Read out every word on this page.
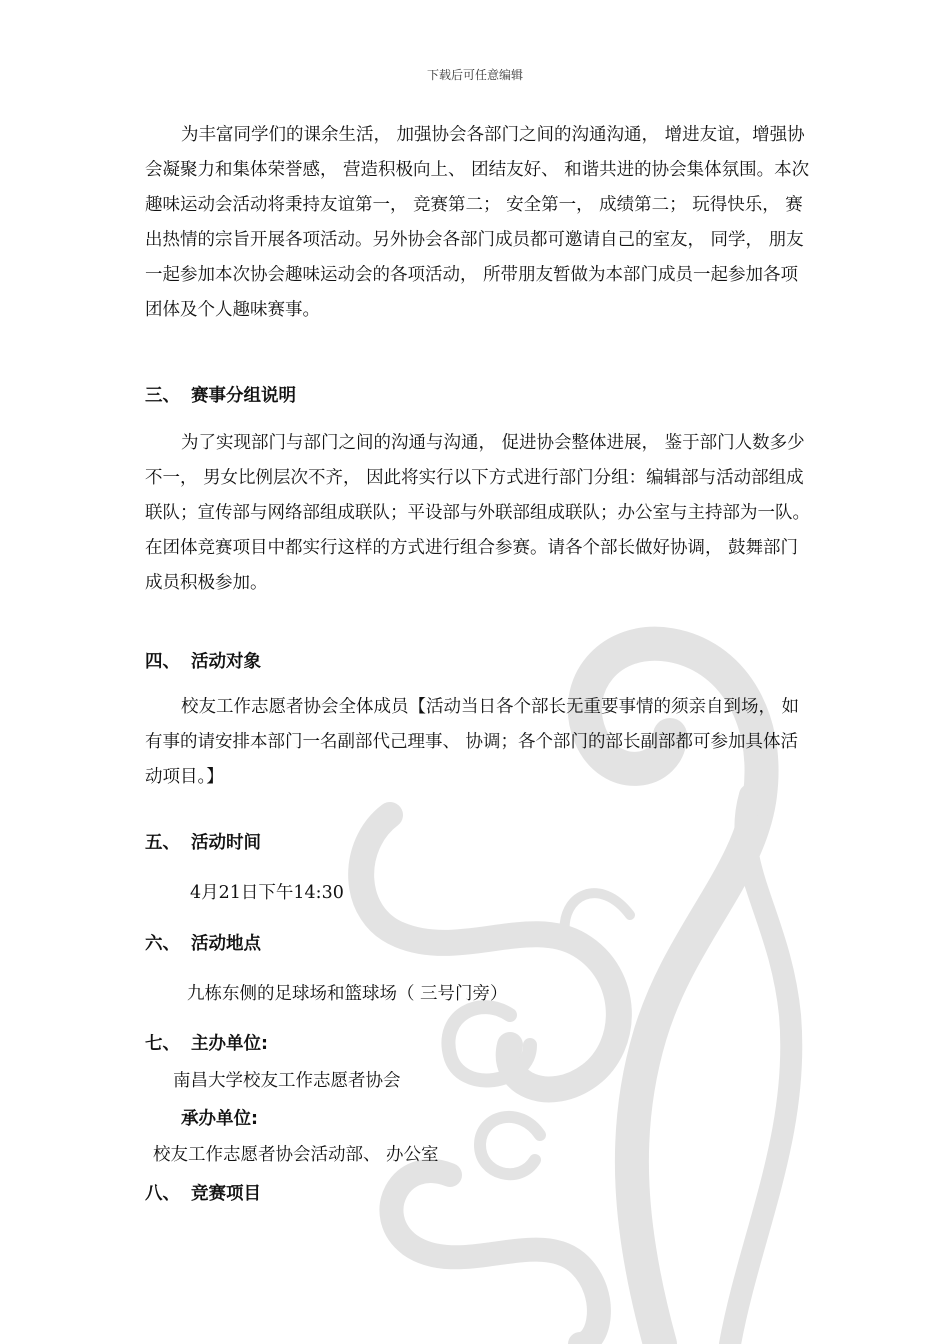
下载后可任意编辑
为丰富同学们的课余生活， 加强协会各部门之间的沟通沟通， 增进友谊，增强协会凝聚力和集体荣誉感， 营造积极向上、 团结友好、 和谐共进的协会集体氛围。本次趣味运动会活动将秉持友谊第一， 竞赛第二； 安全第一， 成绩第二； 玩得快乐， 赛出热情的宗旨开展各项活动。另外协会各部门成员都可邀请自己的室友， 同学， 朋友一起参加本次协会趣味运动会的各项活动， 所带朋友暂做为本部门成员一起参加各项团体及个人趣味赛事。
三、 赛事分组说明
为了实现部门与部门之间的沟通与沟通， 促进协会整体进展， 鉴于部门人数多少不一， 男女比例层次不齐， 因此将实行以下方式进行部门分组：编辑部与活动部组成联队；宣传部与网络部组成联队；平设部与外联部组成联队；办公室与主持部为一队。在团体竞赛项目中都实行这样的方式进行组合参赛。请各个部长做好协调， 鼓舞部门成员积极参加。
四、 活动对象
校友工作志愿者协会全体成员【活动当日各个部长无重要事情的须亲自到场， 如有事的请安排本部门一名副部代己理事、 协调；各个部门的部长副部都可参加具体活动项目。】
五、 活动时间
4月21日下午14:30
六、 活动地点
九栋东侧的足球场和篮球场（ 三号门旁）
七、 主办单位:
南昌大学校友工作志愿者协会
承办单位:
校友工作志愿者协会活动部、 办公室
八、 竞赛项目
